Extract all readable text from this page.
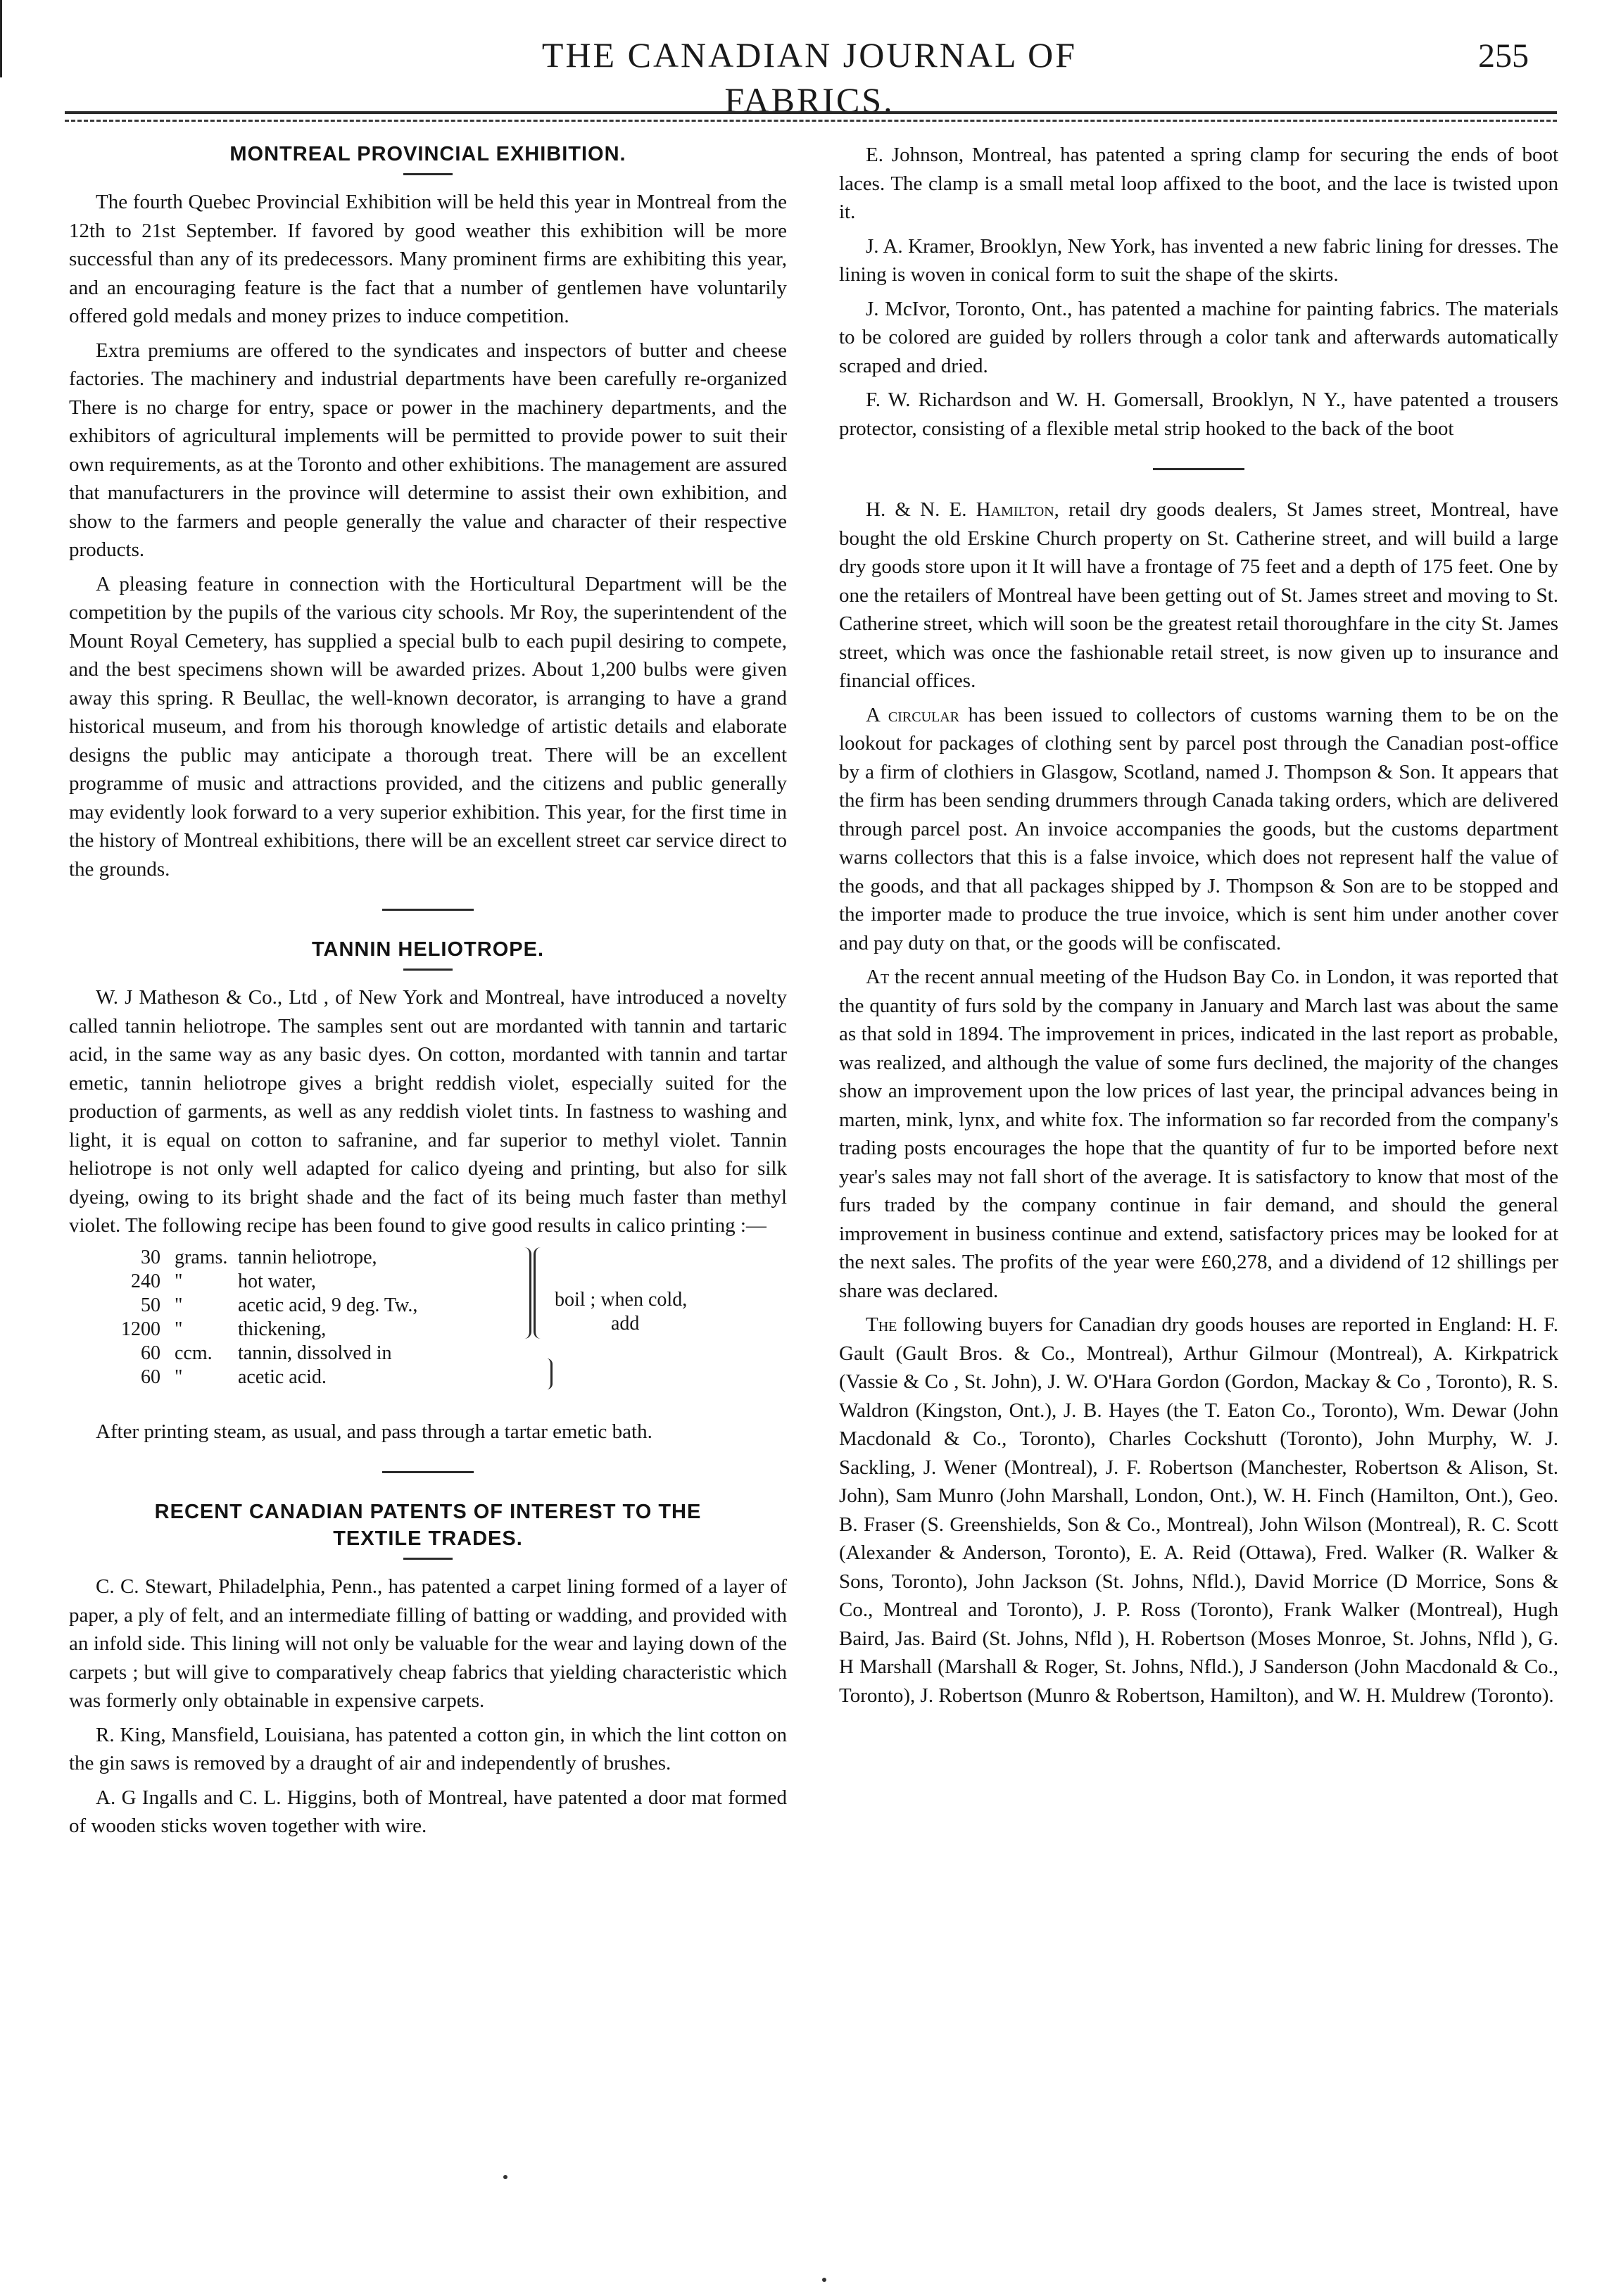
THE CANADIAN JOURNAL OF FABRICS.
255
MONTREAL PROVINCIAL EXHIBITION.

The fourth Quebec Provincial Exhibition will be held this year in Montreal from the 12th to 21st September. If favored by good weather this exhibition will be more successful than any of its predecessors. Many prominent firms are exhibiting this year, and an encouraging feature is the fact that a number of gentlemen have voluntarily offered gold medals and money prizes to induce competition.

Extra premiums are offered to the syndicates and inspectors of butter and cheese factories. The machinery and industrial departments have been carefully re-organized There is no charge for entry, space or power in the machinery departments, and the exhibitors of agricultural implements will be permitted to provide power to suit their own requirements, as at the Toronto and other exhibitions. The management are assured that manufacturers in the province will determine to assist their own exhibition, and show to the farmers and people generally the value and character of their respective products.

A pleasing feature in connection with the Horticultural Department will be the competition by the pupils of the various city schools. Mr Roy, the superintendent of the Mount Royal Cemetery, has supplied a special bulb to each pupil desiring to compete, and the best specimens shown will be awarded prizes. About 1,200 bulbs were given away this spring. R Beullac, the well-known decorator, is arranging to have a grand historical museum, and from his thorough knowledge of artistic details and elaborate designs the public may anticipate a thorough treat. There will be an excellent programme of music and attractions provided, and the citizens and public generally may evidently look forward to a very superior exhibition. This year, for the first time in the history of Montreal exhibitions, there will be an excellent street car service direct to the grounds.

TANNIN HELIOTROPE.

W. J Matheson & Co., Ltd , of New York and Montreal, have introduced a novelty called tannin heliotrope. The samples sent out are mordanted with tannin and tartaric acid, in the same way as any basic dyes. On cotton, mordanted with tannin and tartar emetic, tannin heliotrope gives a bright reddish violet, especially suited for the production of garments, as well as any reddish violet tints. In fastness to washing and light, it is equal on cotton to safranine, and far superior to methyl violet. Tannin heliotrope is not only well adapted for calico dyeing and printing, but also for silk dyeing, owing to its bright shade and the fact of its being much faster than methyl violet. The following recipe has been found to give good results in calico printing :—

30 grams. tannin heliotrope,
240 "	hot water,
50 "	acetic acid, 9 deg. Tw.,
1200 "	thickening,
60 ccm.	tannin, dissolved in
60 "	acetic acid.
boil ; when cold,
add

After printing steam, as usual, and pass through a tartar emetic bath.

RECENT CANADIAN PATENTS OF INTEREST TO THE
TEXTILE TRADES.

C. C. Stewart, Philadelphia, Penn., has patented a carpet lining formed of a layer of paper, a ply of felt, and an intermediate filling of batting or wadding, and provided with an infold side. This lining will not only be valuable for the wear and laying down of the carpets ; but will give to comparatively cheap fabrics that yielding characteristic which was formerly only obtainable in expensive carpets.

R. King, Mansfield, Louisiana, has patented a cotton gin, in which the lint cotton on the gin saws is removed by a draught of air and independently of brushes.

A. G Ingalls and C. L. Higgins, both of Montreal, have patented a door mat formed of wooden sticks woven together with wire.

E. Johnson, Montreal, has patented a spring clamp for securing the ends of boot laces. The clamp is a small metal loop affixed to the boot, and the lace is twisted upon it.

J. A. Kramer, Brooklyn, New York, has invented a new fabric lining for dresses. The lining is woven in conical form to suit the shape of the skirts.

J. McIvor, Toronto, Ont., has patented a machine for painting fabrics. The materials to be colored are guided by rollers through a color tank and afterwards automatically scraped and dried.

F. W. Richardson and W. H. Gomersall, Brooklyn, N Y., have patented a trousers protector, consisting of a flexible metal strip hooked to the back of the boot

H. & N. E. Hamilton, retail dry goods dealers, St James street, Montreal, have bought the old Erskine Church property on St. Catherine street, and will build a large dry goods store upon it It will have a frontage of 75 feet and a depth of 175 feet. One by one the retailers of Montreal have been getting out of St. James street and moving to St. Catherine street, which will soon be the greatest retail thoroughfare in the city St. James street, which was once the fashionable retail street, is now given up to insurance and financial offices.

A circular has been issued to collectors of customs warning them to be on the lookout for packages of clothing sent by parcel post through the Canadian post-office by a firm of clothiers in Glasgow, Scotland, named J. Thompson & Son. It appears that the firm has been sending drummers through Canada taking orders, which are delivered through parcel post. An invoice accompanies the goods, but the customs department warns collectors that this is a false invoice, which does not represent half the value of the goods, and that all packages shipped by J. Thompson & Son are to be stopped and the importer made to produce the true invoice, which is sent him under another cover and pay duty on that, or the goods will be confiscated.

At the recent annual meeting of the Hudson Bay Co. in London, it was reported that the quantity of furs sold by the company in January and March last was about the same as that sold in 1894. The improvement in prices, indicated in the last report as probable, was realized, and although the value of some furs declined, the majority of the changes show an improvement upon the low prices of last year, the principal advances being in marten, mink, lynx, and white fox. The information so far recorded from the company's trading posts encourages the hope that the quantity of fur to be imported before next year's sales may not fall short of the average. It is satisfactory to know that most of the furs traded by the company continue in fair demand, and should the general improvement in business continue and extend, satisfactory prices may be looked for at the next sales. The profits of the year were £60,278, and a dividend of 12 shillings per share was declared.

The following buyers for Canadian dry goods houses are reported in England: H. F. Gault (Gault Bros. & Co., Montreal), Arthur Gilmour (Montreal), A. Kirkpatrick (Vassie & Co , St. John), J. W. O'Hara Gordon (Gordon, Mackay & Co , Toronto), R. S. Waldron (Kingston, Ont.), J. B. Hayes (the T. Eaton Co., Toronto), Wm. Dewar (John Macdonald & Co., Toronto), Charles Cockshutt (Toronto), John Murphy, W. J. Sackling, J. Wener (Montreal), J. F. Robertson (Manchester, Robertson & Alison, St. John), Sam Munro (John Marshall, London, Ont.), W. H. Finch (Hamilton, Ont.), Geo. B. Fraser (S. Greenshields, Son & Co., Montreal), John Wilson (Montreal), R. C. Scott (Alexander & Anderson, Toronto), E. A. Reid (Ottawa), Fred. Walker (R. Walker & Sons, Toronto), John Jackson (St. Johns, Nfld.), David Morrice (D Morrice, Sons & Co., Montreal and Toronto), J. P. Ross (Toronto), Frank Walker (Montreal), Hugh Baird, Jas. Baird (St. Johns, Nfld ), H. Robertson (Moses Monroe, St. Johns, Nfld ), G. H Marshall (Marshall & Roger, St. Johns, Nfld.), J Sanderson (John Macdonald & Co., Toronto), J. Robertson (Munro & Robertson, Hamilton), and W. H. Muldrew (Toronto).
